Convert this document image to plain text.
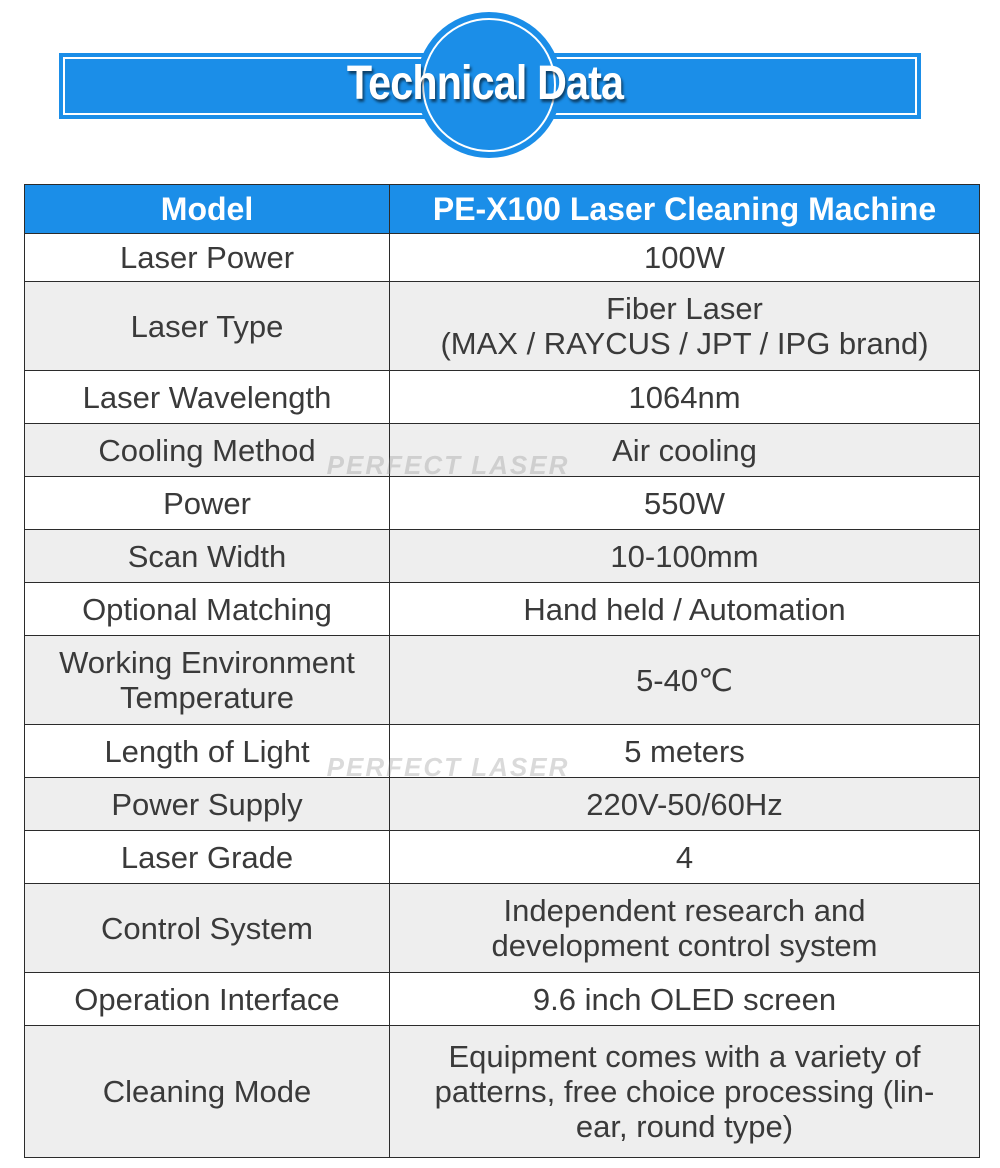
Technical Data
Model	PE-X100 Laser Cleaning Machine
Laser Power	100W
Laser Type	Fiber Laser
(MAX / RAYCUS / JPT / IPG brand)
Laser Wavelength	1064nm
Cooling Method	Air cooling
Power	550W
Scan Width	10-100mm
Optional Matching	Hand held / Automation
Working Environment
Temperature	5-40℃
Length of Light	5 meters
Power Supply	220V-50/60Hz
Laser Grade	4
Control System	Independent research and
development control system
Operation Interface	9.6 inch OLED screen
Cleaning Mode	Equipment comes with a variety of
patterns, free choice processing (lin-
ear, round type)
PERFECT LASER
PERFECT LASER
